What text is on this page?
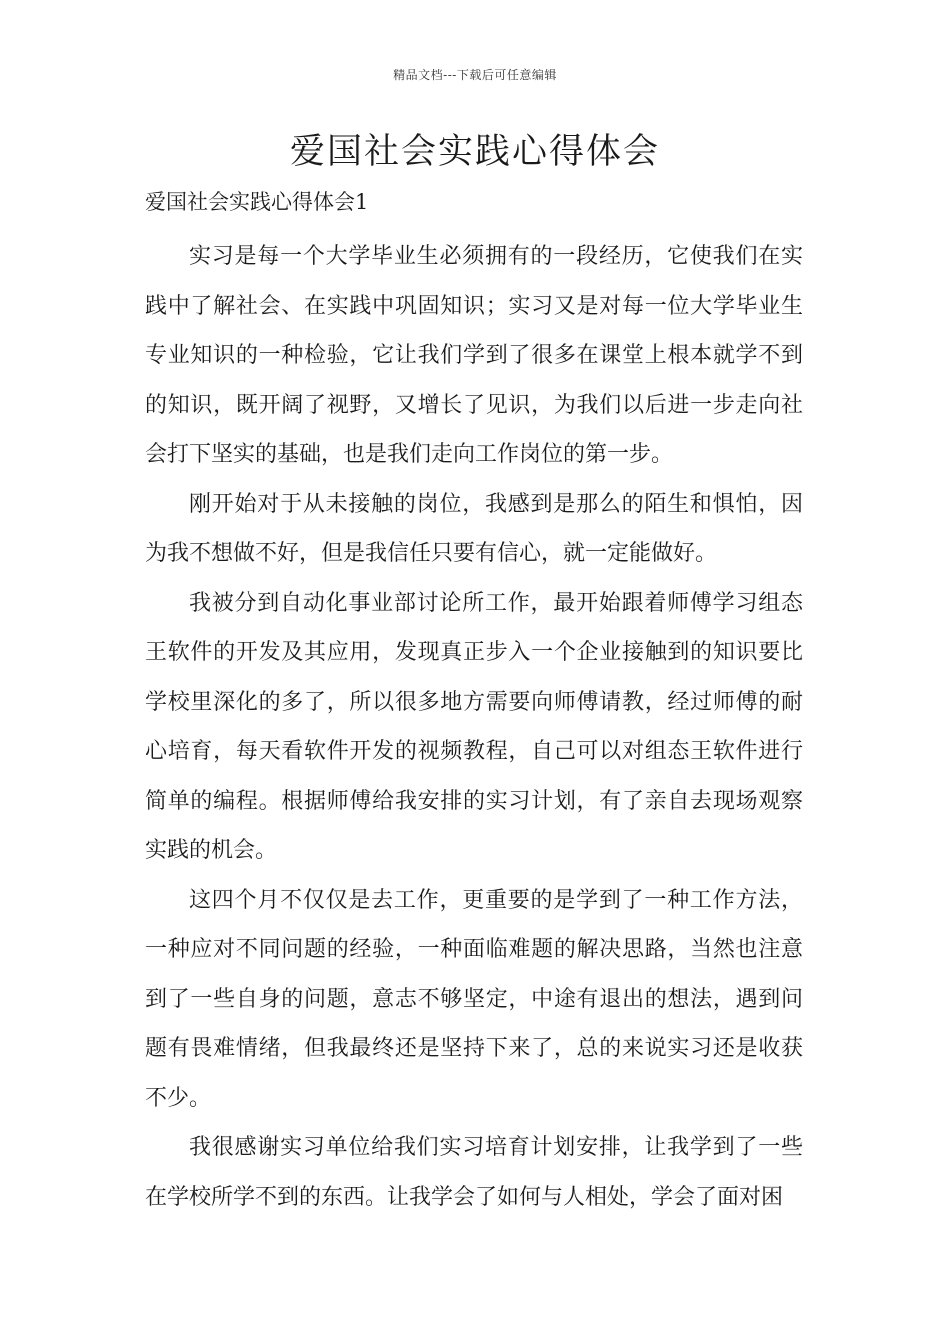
精品文档---下载后可任意编辑
爱国社会实践心得体会
爱国社会实践心得体会1

实习是每一个大学毕业生必须拥有的一段经历，它使我们在实践中了解社会、在实践中巩固知识；实习又是对每一位大学毕业生专业知识的一种检验，它让我们学到了很多在课堂上根本就学不到的知识，既开阔了视野，又增长了见识，为我们以后进一步走向社会打下坚实的基础，也是我们走向工作岗位的第一步。

刚开始对于从未接触的岗位，我感到是那么的陌生和惧怕，因为我不想做不好，但是我信任只要有信心，就一定能做好。

我被分到自动化事业部讨论所工作，最开始跟着师傅学习组态王软件的开发及其应用，发现真正步入一个企业接触到的知识要比学校里深化的多了，所以很多地方需要向师傅请教，经过师傅的耐心培育，每天看软件开发的视频教程，自己可以对组态王软件进行简单的编程。根据师傅给我安排的实习计划，有了亲自去现场观察实践的机会。

这四个月不仅仅是去工作，更重要的是学到了一种工作方法，一种应对不同问题的经验，一种面临难题的解决思路，当然也注意到了一些自身的问题，意志不够坚定，中途有退出的想法，遇到问题有畏难情绪，但我最终还是坚持下来了，总的来说实习还是收获不少。

我很感谢实习单位给我们实习培育计划安排，让我学到了一些在学校所学不到的东西。让我学会了如何与人相处，学会了面对困
